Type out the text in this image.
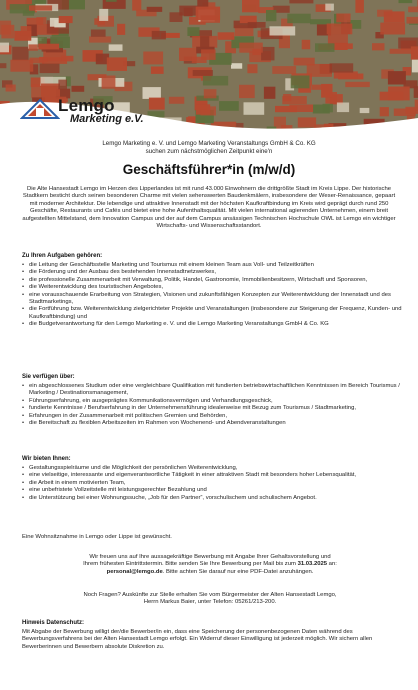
Lemgo
Marketing e.V.
Lemgo Marketing e. V. und Lemgo Marketing Veranstaltungs GmbH & Co. KG
suchen zum nächstmöglichen Zeitpunkt eine'n
Geschäftsführer*in (m/w/d)

Die Alte Hansestadt Lemgo im Herzen des Lipperlandes ist mit rund 43.000 Einwohnern die drittgrößte Stadt im Kreis Lippe. Der historische Stadtkern besticht durch seinen besonderen Charme mit vielen sehenswerten Baudenkmälern, insbesondere der Weser-Renaissance, gepaart mit moderner Architektur. Die lebendige und attraktive Innenstadt mit der höchsten Kaufkraftbindung im Kreis wird geprägt durch rund 250 Geschäfte, Restaurants und Cafés und bietet eine hohe Aufenthaltsqualität. Mit vielen international agierenden Unternehmen, einem breit aufgestellten Mittelstand, dem Innovation Campus und der auf dem Campus ansässigen Technischen Hochschule OWL ist Lemgo ein wichtiger Wirtschafts- und Wissenschaftsstandort.

Zu Ihren Aufgaben gehören:
• die Leitung der Geschäftsstelle Marketing und Tourismus mit einem kleinen Team aus Voll- und Teilzeitkräften
• die Förderung und der Ausbau des bestehenden Innenstadtnetzwerkes,
• die professionelle Zusammenarbeit mit Verwaltung, Politik, Handel, Gastronomie, Immobilienbesitzern, Wirtschaft und Sponsoren,
• die Weiterentwicklung des touristischen Angebotes,
• eine vorausschauende Erarbeitung von Strategien, Visionen und zukunftsfähigen Konzepten zur Weiterentwicklung der Innenstadt und des Stadtmarketings,
• die Fortführung bzw. Weiterentwicklung zielgerichteter Projekte und Veranstaltungen (insbesondere zur Steigerung der Frequenz, Kunden- und Kaufkraftbindung) und
• die Budgetverantwortung für den Lemgo Marketing e. V. und die Lemgo Marketing Veranstaltungs GmbH & Co. KG
Sie verfügen über:
• ein abgeschlossenes Studium oder eine vergleichbare Qualifikation mit fundierten betriebswirtschaftlichen Kenntnissen im Bereich Tourismus / Marketing / Destinationsmanagement,
• Führungserfahrung, ein ausgeprägtes Kommunikationsvermögen und Verhandlungsgeschick,
• fundierte Kenntnisse / Berufserfahrung in der Unternehmensführung idealerweise mit Bezug zum Tourismus / Stadtmarketing,
• Erfahrungen in der Zusammenarbeit mit politischen Gremien und Behörden,
• die Bereitschaft zu flexiblen Arbeitszeiten im Rahmen von Wochenend- und Abendveranstaltungen
Wir bieten Ihnen:
• Gestaltungsspielräume und die Möglichkeit der persönlichen Weiterentwicklung,
• eine vielseitige, interessante und eigenverantwortliche Tätigkeit in einer attraktiven Stadt mit besonders hoher Lebensqualität,
• die Arbeit in einem motivierten Team,
• eine unbefristete Vollzeitstelle mit leistungsgerechter Bezahlung und
• die Unterstützung bei einer Wohnungssuche, „Job für den Partner“, vorschulischem und schulischem Angebot.

Eine Wohnsitznahme in Lemgo oder Lippe ist gewünscht.

Wir freuen uns auf Ihre aussagekräftige Bewerbung mit Angabe Ihrer Gehaltsvorstellung und
Ihrem frühesten Eintrittstermin. Bitte senden Sie Ihre Bewerbung per Mail bis zum 31.03.2025 an:
personal@lemgo.de. Bitte achten Sie darauf nur eine PDF-Datei anzuhängen.
Noch Fragen? Auskünfte zur Stelle erhalten Sie vom Bürgermeister der Alten Hansestadt Lemgo,
Herrn Markus Baier, unter Telefon: 05261/213-200.
Hinweis Datenschutz:

Mit Abgabe der Bewerbung willigt der/die Bewerber/in ein, dass eine Speicherung der personenbezogenen Daten während des Bewerbungsverfahrens bei der Alten Hansestadt Lemgo erfolgt. Ein Widerruf dieser Einwilligung ist jederzeit möglich. Wir sichern allen Bewerberinnen und Bewerbern absolute Diskretion zu.
